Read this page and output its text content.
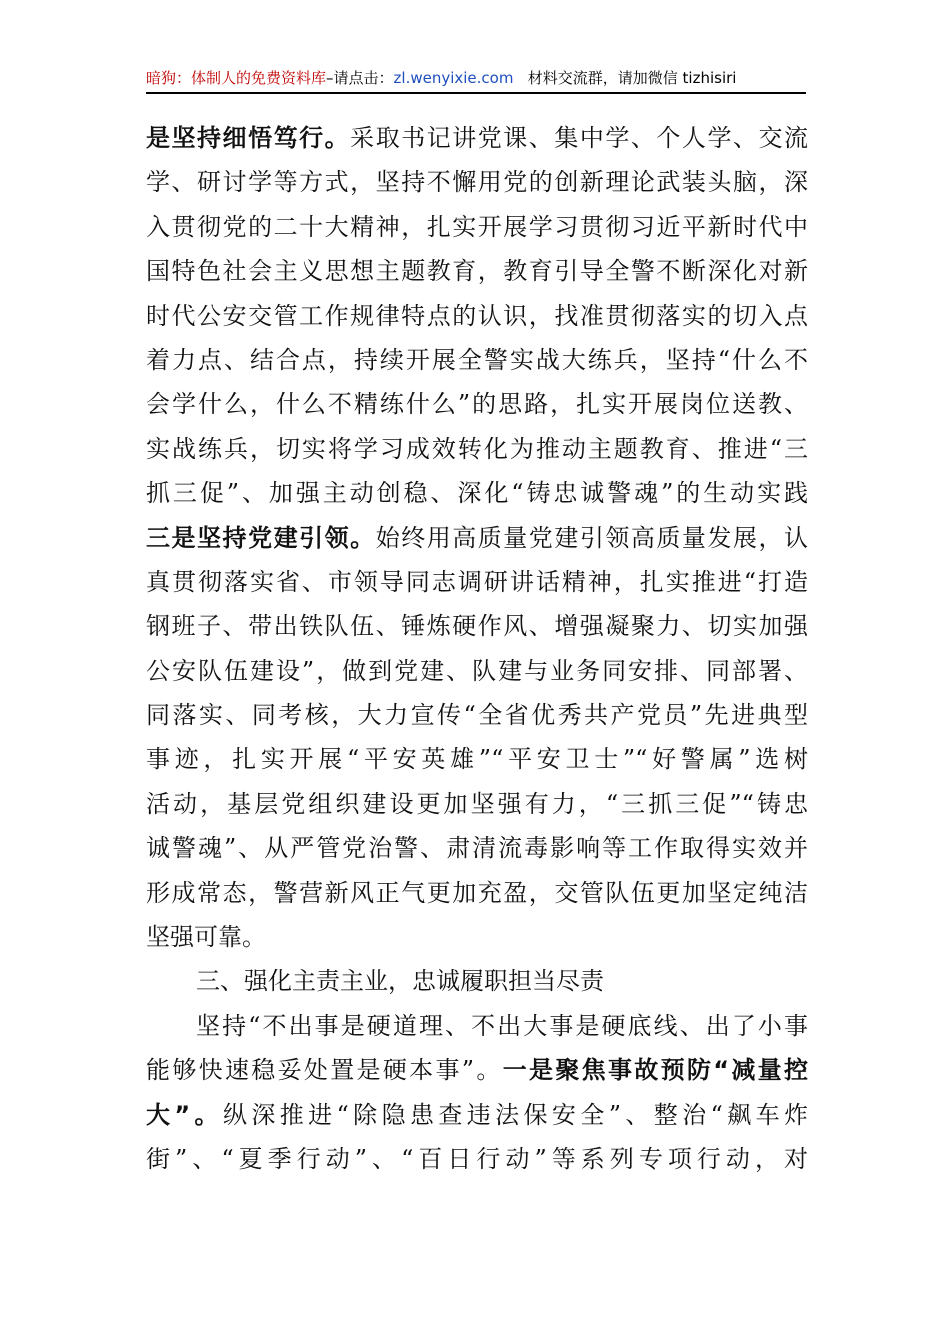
暗狗：体制人的免费资料库–请点击：zl.wenyixie.com 材料交流群，请加微信 tizhisiri
是坚持细悟笃行。采取书记讲党课、集中学、个人学、交流
学、研讨学等方式，坚持不懈用党的创新理论武装头脑，深
入贯彻党的二十大精神，扎实开展学习贯彻习近平新时代中
国特色社会主义思想主题教育，教育引导全警不断深化对新
时代公安交管工作规律特点的认识，找准贯彻落实的切入点
着力点、结合点，持续开展全警实战大练兵，坚持“什么不
会学什么，什么不精练什么”的思路，扎实开展岗位送教、
实战练兵，切实将学习成效转化为推动主题教育、推进“三
抓三促”、加强主动创稳、深化“铸忠诚警魂”的生动实践
三是坚持党建引领。始终用高质量党建引领高质量发展，认
真贯彻落实省、市领导同志调研讲话精神，扎实推进“打造
钢班子、带出铁队伍、锤炼硬作风、增强凝聚力、切实加强
公安队伍建设”，做到党建、队建与业务同安排、同部署、
同落实、同考核，大力宣传“全省优秀共产党员”先进典型
事迹，扎实开展“平安英雄”“平安卫士”“好警属”选树
活动，基层党组织建设更加坚强有力，“三抓三促”“铸忠
诚警魂”、从严管党治警、肃清流毒影响等工作取得实效并
形成常态，警营新风正气更加充盈，交管队伍更加坚定纯洁
坚强可靠。
三、强化主责主业，忠诚履职担当尽责
坚持“不出事是硬道理、不出大事是硬底线、出了小事
能够快速稳妥处置是硬本事”。一是聚焦事故预防“减量控
大”。纵深推进“除隐患查违法保安全”、整治“飙车炸
街”、“夏季行动”、“百日行动”等系列专项行动，对
